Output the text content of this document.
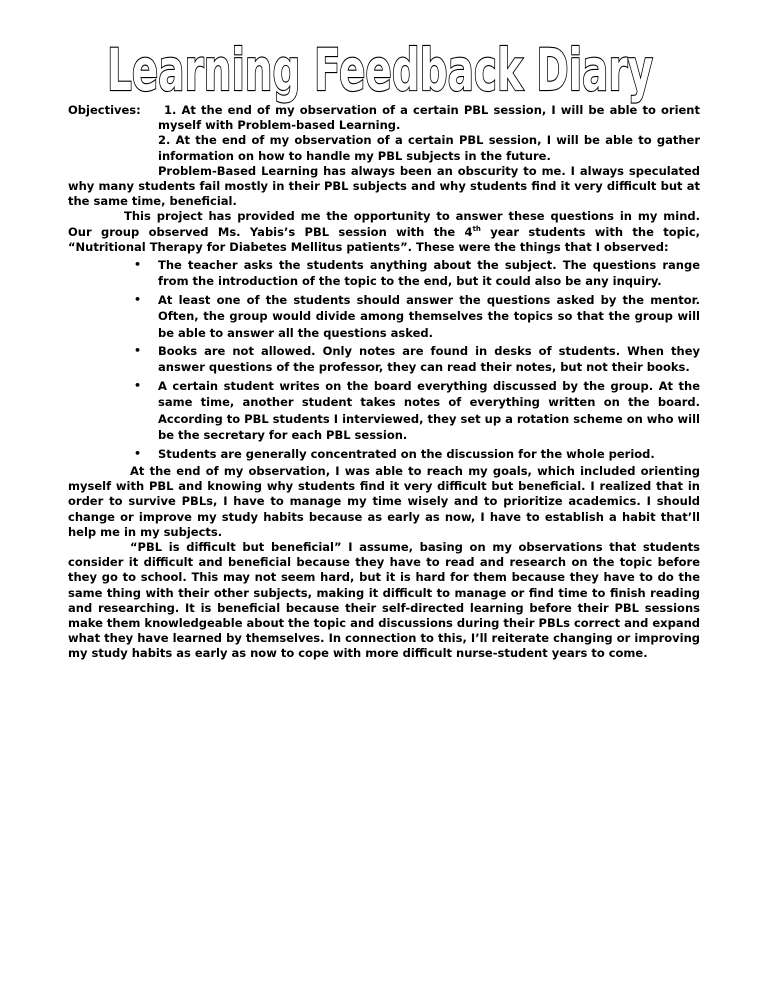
Learning Feedback Diary
Objectives:	1. At the end of my observation of a certain PBL session, I will be able to orient myself with Problem-based Learning.

2. At the end of my observation of a certain PBL session, I will be able to gather information on how to handle my PBL subjects in the future.

Problem-Based Learning has always been an obscurity to me. I always speculated why many students fail mostly in their PBL subjects and why students find it very difficult but at the same time, beneficial.

This project has provided me the opportunity to answer these questions in my mind. Our group observed Ms. Yabis’s PBL session with the 4th year students with the topic, “Nutritional Therapy for Diabetes Mellitus patients”. These were the things that I observed:

• The teacher asks the students anything about the subject. The questions range from the introduction of the topic to the end, but it could also be any inquiry.
• At least one of the students should answer the questions asked by the mentor. Often, the group would divide among themselves the topics so that the group will be able to answer all the questions asked.
• Books are not allowed. Only notes are found in desks of students. When they answer questions of the professor, they can read their notes, but not their books.
• A certain student writes on the board everything discussed by the group. At the same time, another student takes notes of everything written on the board. According to PBL students I interviewed, they set up a rotation scheme on who will be the secretary for each PBL session.
• Students are generally concentrated on the discussion for the whole period.

At the end of my observation, I was able to reach my goals, which included orienting myself with PBL and knowing why students find it very difficult but beneficial. I realized that in order to survive PBLs, I have to manage my time wisely and to prioritize academics. I should change or improve my study habits because as early as now, I have to establish a habit that’ll help me in my subjects.

“PBL is difficult but beneficial” I assume, basing on my observations that students consider it difficult and beneficial because they have to read and research on the topic before they go to school. This may not seem hard, but it is hard for them because they have to do the same thing with their other subjects, making it difficult to manage or find time to finish reading and researching. It is beneficial because their self-directed learning before their PBL sessions make them knowledgeable about the topic and discussions during their PBLs correct and expand what they have learned by themselves. In connection to this, I’ll reiterate changing or improving my study habits as early as now to cope with more difficult nurse-student years to come.
